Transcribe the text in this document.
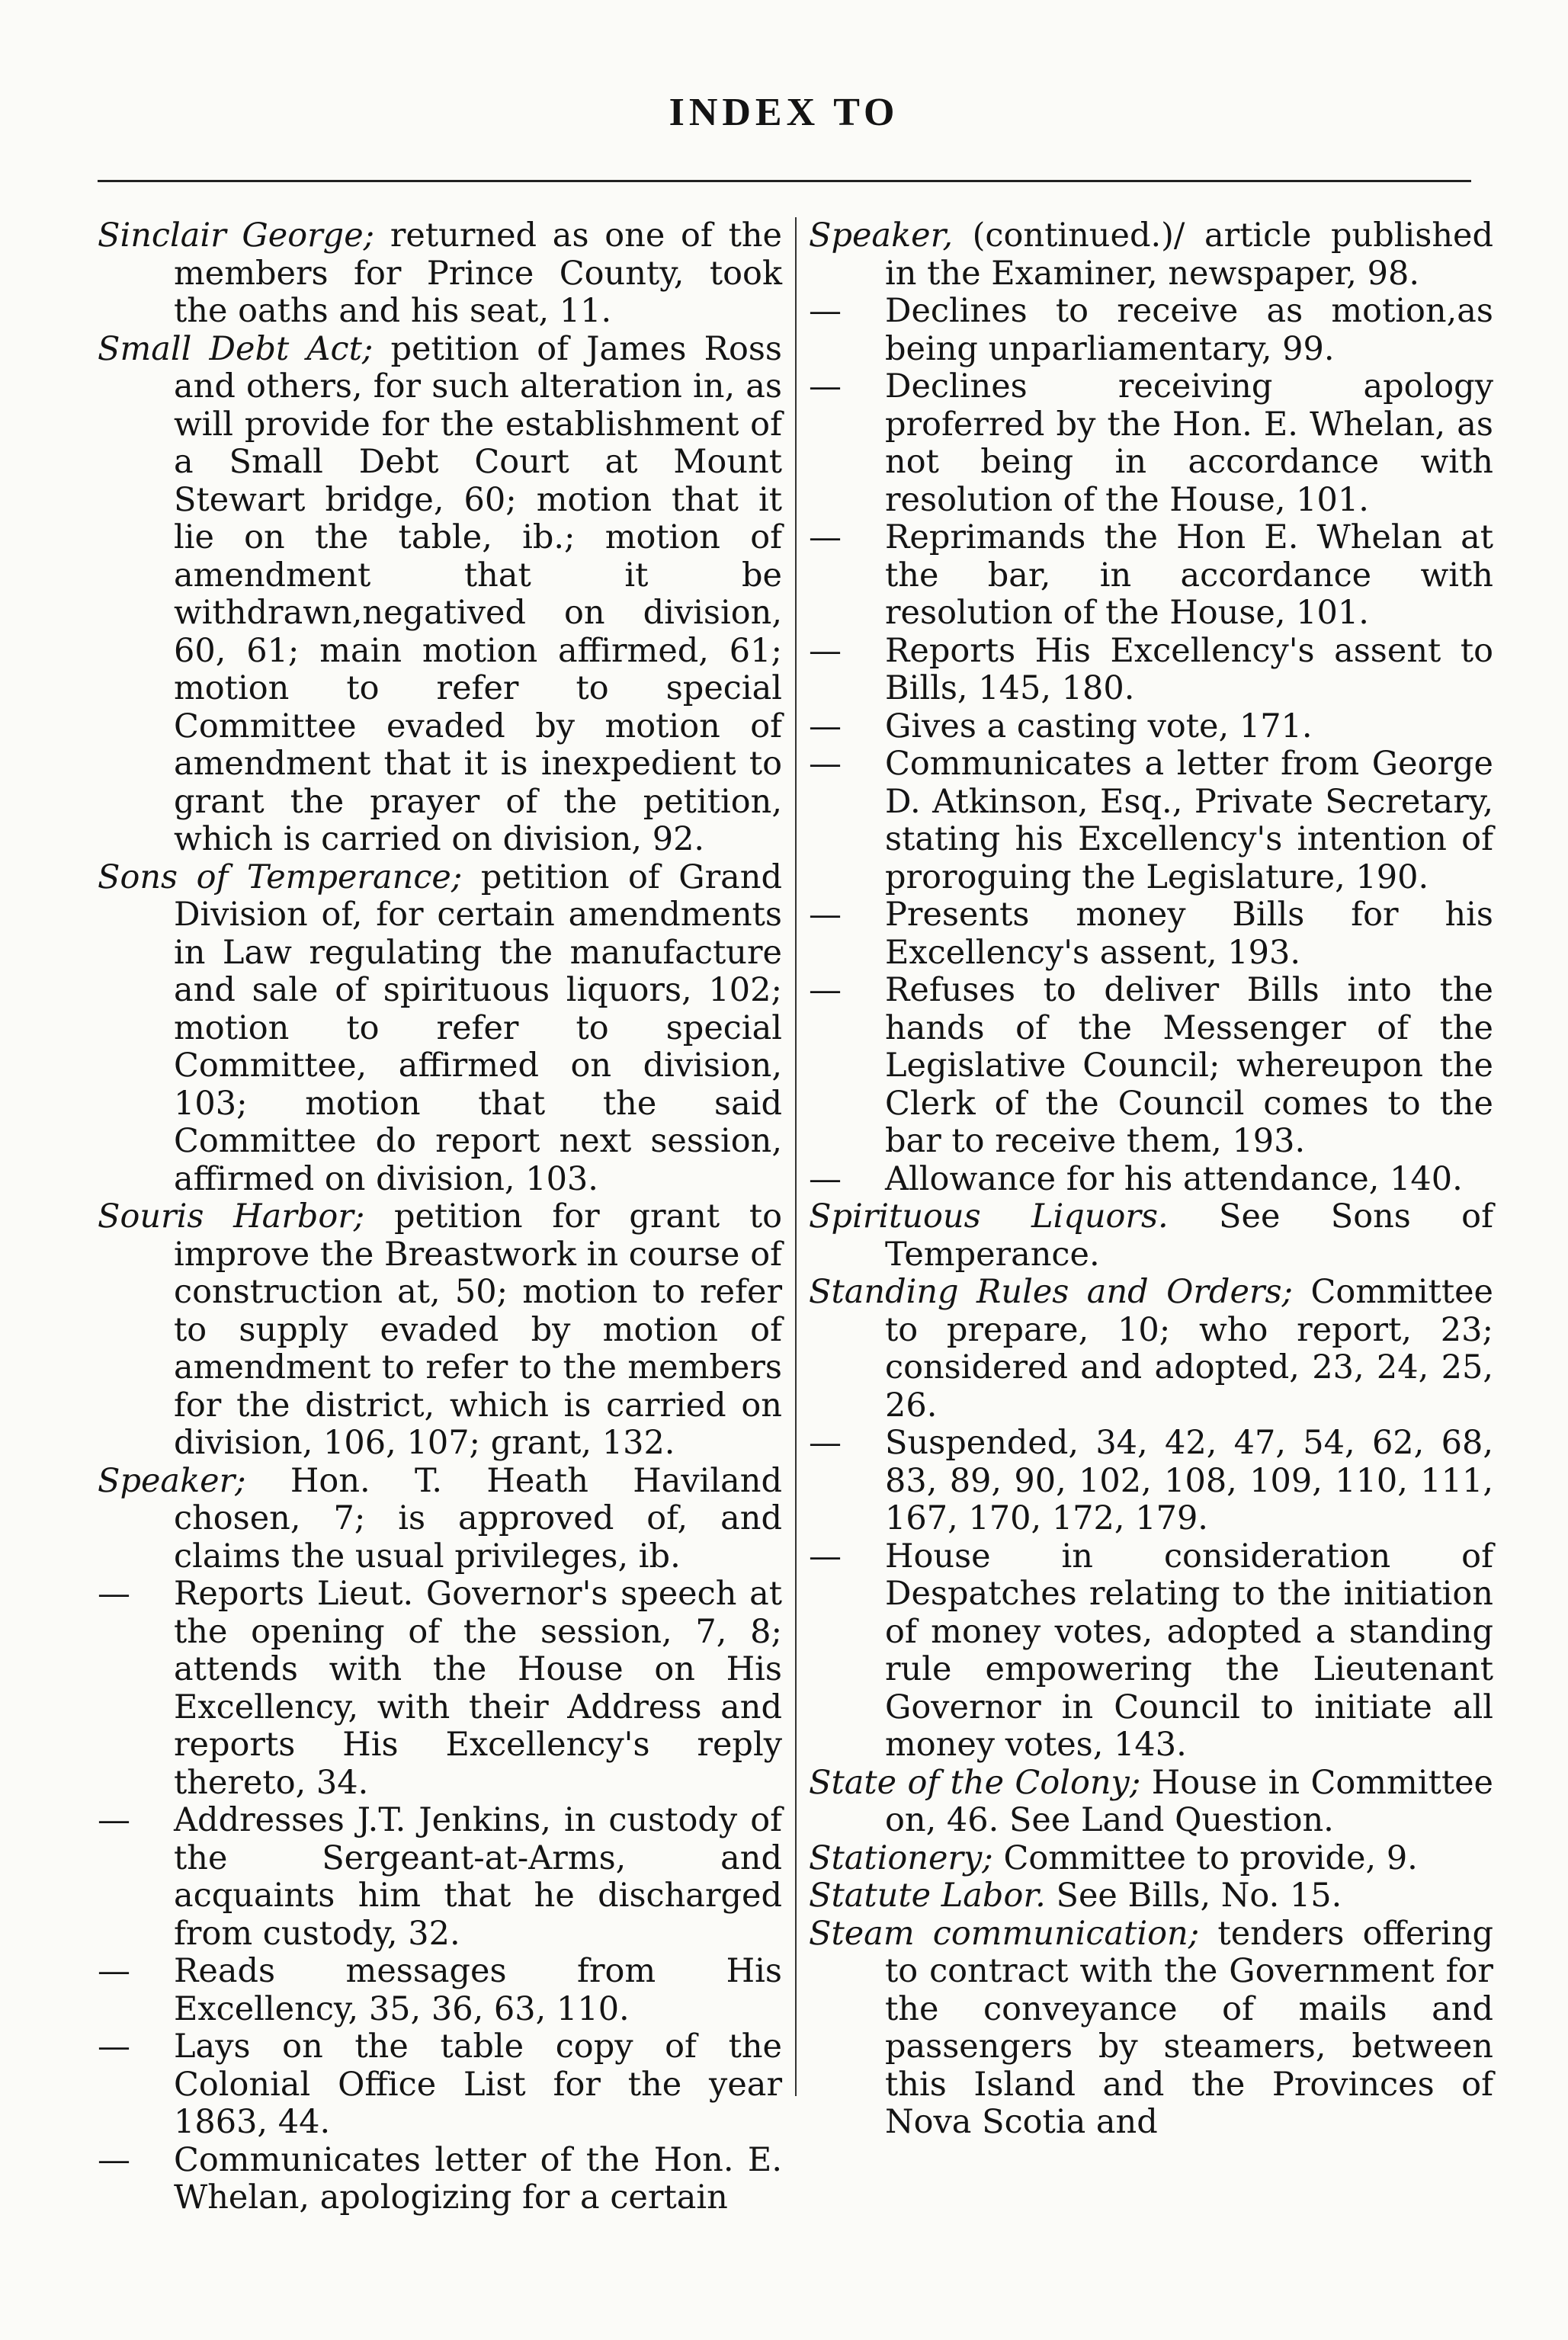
INDEX TO

Sinclair George; returned as one of the members for Prince County, took the oaths and his seat, 11.

Small Debt Act; petition of James Ross and others, for such alteration in, as will provide for the establishment of a Small Debt Court at Mount Stewart bridge, 60; motion that it lie on the table, ib.; motion of amendment that it be withdrawn,negatived on division, 60, 61; main motion affirmed, 61; motion to refer to special Committee evaded by motion of amendment that it is inexpedient to grant the prayer of the petition, which is carried on division, 92.

Sons of Temperance; petition of Grand Division of, for certain amendments in Law regulating the manufacture and sale of spirituous liquors, 102; motion to refer to special Committee, affirmed on division, 103; motion that the said Committee do report next session, affirmed on division, 103.

Souris Harbor; petition for grant to improve the Breastwork in course of construction at, 50; motion to refer to supply evaded by motion of amendment to refer to the members for the district, which is carried on division, 106, 107; grant, 132.

Speaker; Hon. T. Heath Haviland chosen, 7; is approved of, and claims the usual privileges, ib.

— Reports Lieut. Governor's speech at the opening of the session, 7, 8; attends with the House on His Excellency, with their Address and reports His Excellency's reply thereto, 34.

— Addresses J.T. Jenkins, in custody of the Sergeant-at-Arms, and acquaints him that he discharged from custody, 32.

— Reads messages from His Excellency, 35, 36, 63, 110.

— Lays on the table copy of the Colonial Office List for the year 1863, 44.

— Communicates letter of the Hon. E. Whelan, apologizing for a certain

Speaker, (continued.)/ article published in the Examiner, newspaper, 98.

— Declines to receive as motion,as being unparliamentary, 99.

— Declines receiving apology proferred by the Hon. E. Whelan, as not being in accordance with resolution of the House, 101.

— Reprimands the Hon E. Whelan at the bar, in accordance with resolution of the House, 101.

— Reports His Excellency's assent to Bills, 145, 180.

— Gives a casting vote, 171.

— Communicates a letter from George D. Atkinson, Esq., Private Secretary, stating his Excellency's intention of proroguing the Legislature, 190.

— Presents money Bills for his Excellency's assent, 193.

— Refuses to deliver Bills into the hands of the Messenger of the Legislative Council; whereupon the Clerk of the Council comes to the bar to receive them, 193.

— Allowance for his attendance, 140.

Spirituous Liquors. See Sons of Temperance.

Standing Rules and Orders; Committee to prepare, 10; who report, 23; considered and adopted, 23, 24, 25, 26.

— Suspended, 34, 42, 47, 54, 62, 68, 83, 89, 90, 102, 108, 109, 110, 111, 167, 170, 172, 179.

— House in consideration of Despatches relating to the initiation of money votes, adopted a standing rule empowering the Lieutenant Governor in Council to initiate all money votes, 143.

State of the Colony; House in Committee on, 46. See Land Question.

Stationery; Committee to provide, 9.

Statute Labor. See Bills, No. 15.

Steam communication; tenders offering to contract with the Government for the conveyance of mails and passengers by steamers, between this Island and the Provinces of Nova Scotia and
